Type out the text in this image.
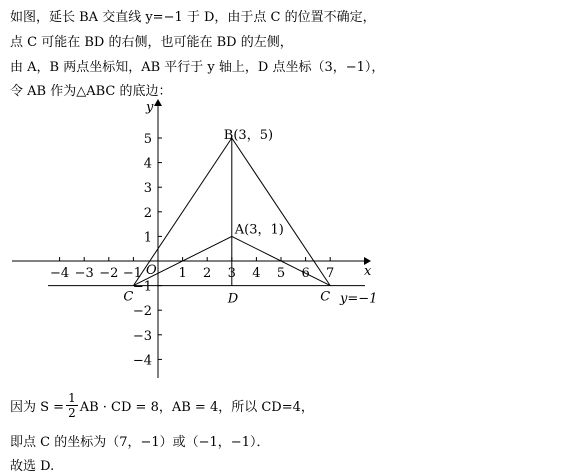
如图，延长 BA 交直线 y=−1 于 D，由于点 C 的位置不确定，
点 C 可能在 BD 的右侧，也可能在 BD 的左侧，
由 A，B 两点坐标知，AB 平行于 y 轴上，D 点坐标（3，−1），
令 AB 作为△ABC 的底边：
x
y
O
−4 −3 −2	1 2 3 4 5 6 7
−1
−4
−3
−2
−1
1
2
3
4
5	B(3，5)
A(3，1)
D
C	C y=−1
因为 $S = \frac{1}{2}$ AB · CD = 8，AB = 4，所以 CD=4，
即点 C 的坐标为（7，−1）或（−1，−1）．
故选 D.
